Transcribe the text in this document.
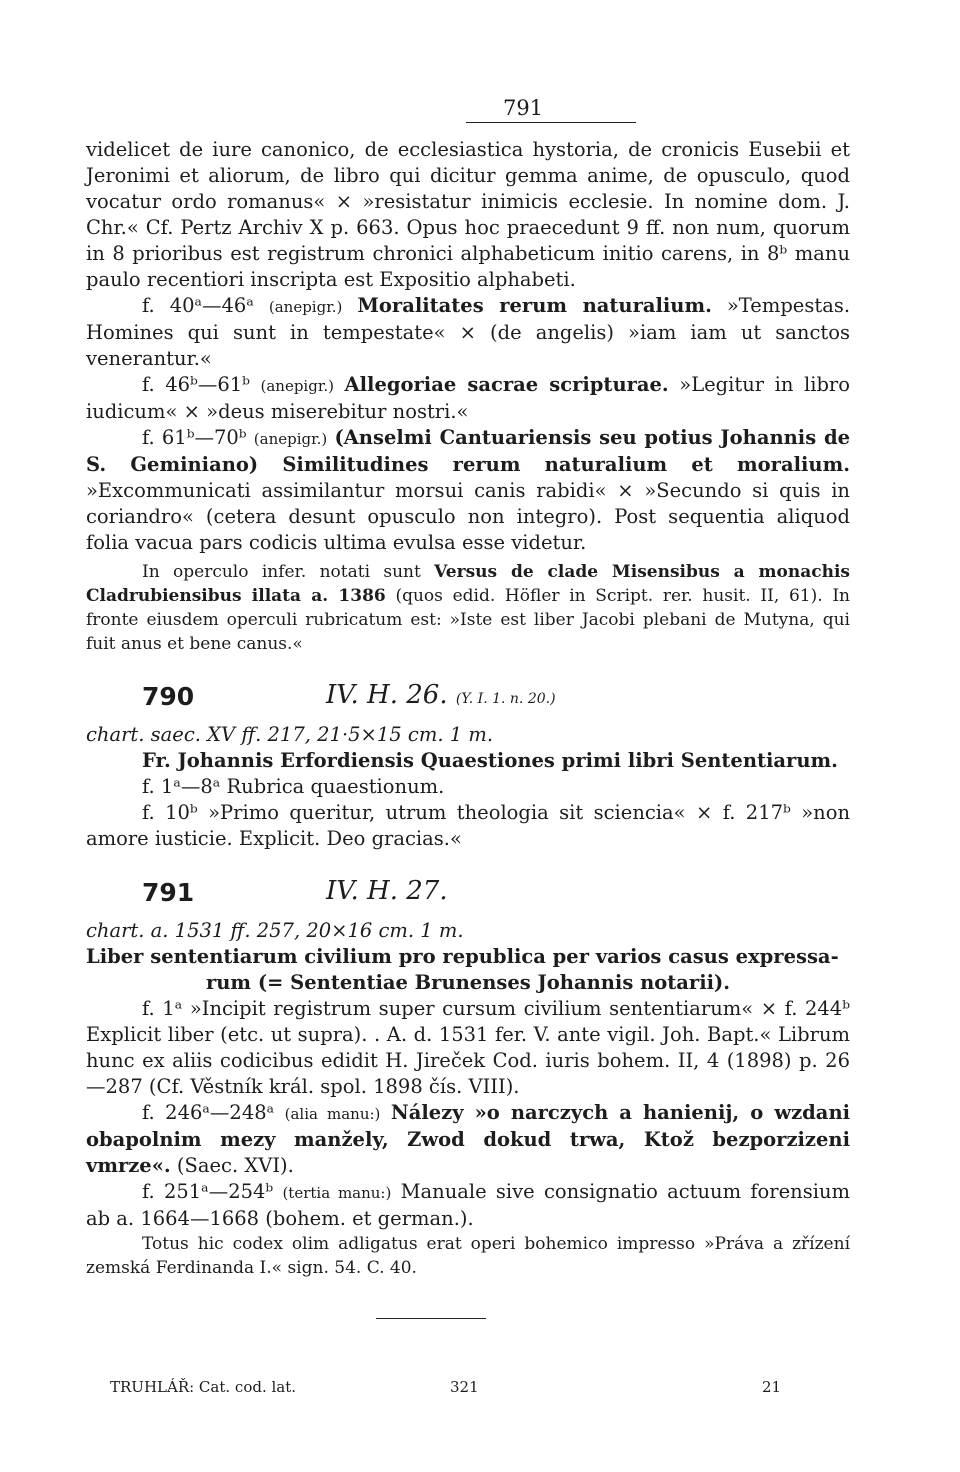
791

videlicet de iure canonico, de ecclesiastica hystoria, de cronicis Eusebii et Jeronimi et aliorum, de libro qui dicitur gemma anime, de opusculo, quod vocatur ordo romanus« × »resistatur inimicis ecclesie. In nomine dom. J. Chr.« Cf. Pertz Archiv X p. 663. Opus hoc praecedunt 9 ff. non num, quorum in 8 prioribus est registrum chronici alphabeticum initio carens, in 8ᵇ manu paulo recentiori inscripta est Expositio alphabeti.

f. 40ᵃ—46ᵃ (anepigr.) Moralitates rerum naturalium. »Tempestas. Homines qui sunt in tempestate« × (de angelis) »iam iam ut sanctos venerantur.«

f. 46ᵇ—61ᵇ (anepigr.) Allegoriae sacrae scripturae. »Legitur in libro iudicum« × »deus miserebitur nostri.«

f. 61ᵇ—70ᵇ (anepigr.) (Anselmi Cantuariensis seu potius Johannis de S. Geminiano) Similitudines rerum naturalium et moralium. »Excommunicati assimilantur morsui canis rabidi« × »Secundo si quis in coriandro« (cetera desunt opusculo non integro). Post sequentia aliquod folia vacua pars codicis ultima evulsa esse videtur.

In operculo infer. notati sunt Versus de clade Misensibus a monachis Cladrubiensibus illata a. 1386 (quos edid. Höfler in Script. rer. husit. II, 61). In fronte eiusdem operculi rubricatum est: »Iste est liber Jacobi plebani de Mutyna, qui fuit anus et bene canus.«

790	IV. H. 26. (Y. I. 1. n. 20.)

chart. saec. XV ff. 217, 21·5×15 cm. 1 m.

Fr. Johannis Erfordiensis Quaestiones primi libri Sententiarum.

f. 1ᵃ—8ᵃ Rubrica quaestionum.

f. 10ᵇ »Primo queritur, utrum theologia sit sciencia« × f. 217ᵇ »non amore iusticie. Explicit. Deo gracias.«

791	IV. H. 27.

chart. a. 1531 ff. 257, 20×16 cm. 1 m.

Liber sententiarum civilium pro republica per varios casus expressa-

rum (= Sententiae Brunenses Johannis notarii).

f. 1ᵃ »Incipit registrum super cursum civilium sententiarum« × f. 244ᵇ Explicit liber (etc. ut supra). . A. d. 1531 fer. V. ante vigil. Joh. Bapt.« Librum hunc ex aliis codicibus edidit H. Jireček Cod. iuris bohem. II, 4 (1898) p. 26—287 (Cf. Věstník král. spol. 1898 čís. VIII).

f. 246ᵃ—248ᵃ (alia manu:) Nálezy »o narczych a hanienij, o wzdani obapolnim mezy manžely, Zwod dokud trwa, Ktož bezporzizeni vmrze«. (Saec. XVI).

f. 251ᵃ—254ᵇ (tertia manu:) Manuale sive consignatio actuum forensium ab a. 1664—1668 (bohem. et german.).

Totus hic codex olim adligatus erat operi bohemico impresso »Práva a zřízení zemská Ferdinanda I.« sign. 54. C. 40.

TRUHLÁŘ: Cat. cod. lat.	321	21
